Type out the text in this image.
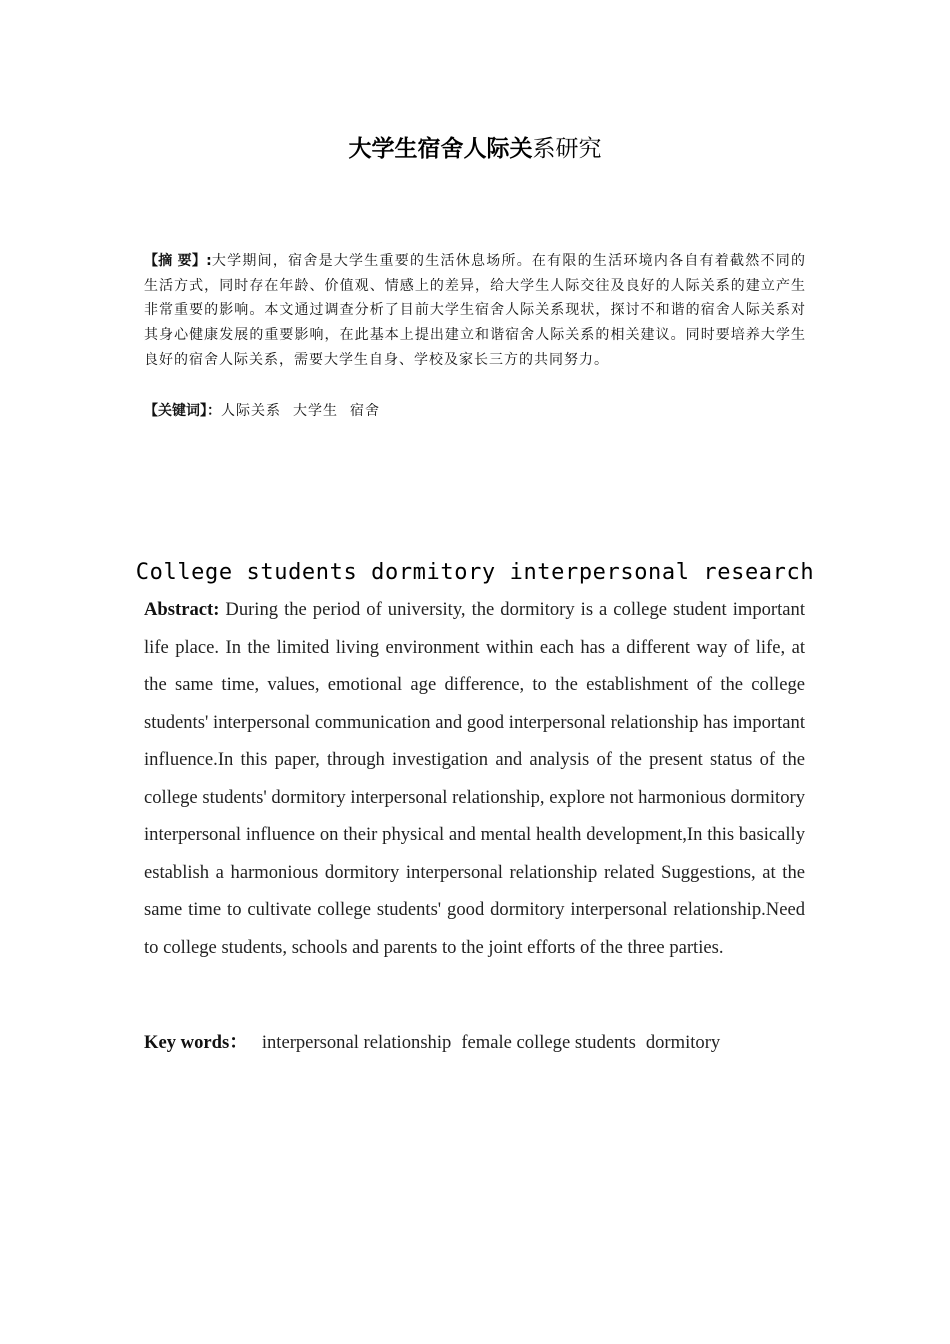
大学生宿舍人际关系研究
【摘 要】:大学期间，宿舍是大学生重要的生活休息场所。在有限的生活环境内各自有着截然不同的生活方式，同时存在年龄、价值观、情感上的差异，给大学生人际交往及良好的人际关系的建立产生非常重要的影响。本文通过调查分析了目前大学生宿舍人际关系现状，探讨不和谐的宿舍人际关系对其身心健康发展的重要影响，在此基本上提出建立和谐宿舍人际关系的相关建议。同时要培养大学生良好的宿舍人际关系，需要大学生自身、学校及家长三方的共同努力。
【关键词】：人际关系 大学生 宿舍
College students dormitory interpersonal research
Abstract: During the period of university, the dormitory is a college student important life place. In the limited living environment within each has a different way of life, at the same time, values, emotional age difference, to the establishment of the college students' interpersonal communication and good interpersonal relationship has important influence.In this paper, through investigation and analysis of the present status of the college students' dormitory interpersonal relationship, explore not harmonious dormitory interpersonal influence on their physical and mental health development,In this basically establish a harmonious dormitory interpersonal relationship related Suggestions, at the same time to cultivate college students' good dormitory interpersonal relationship.Need to college students, schools and parents to the joint efforts of the three parties.
Key words： interpersonal relationship female college students dormitory
